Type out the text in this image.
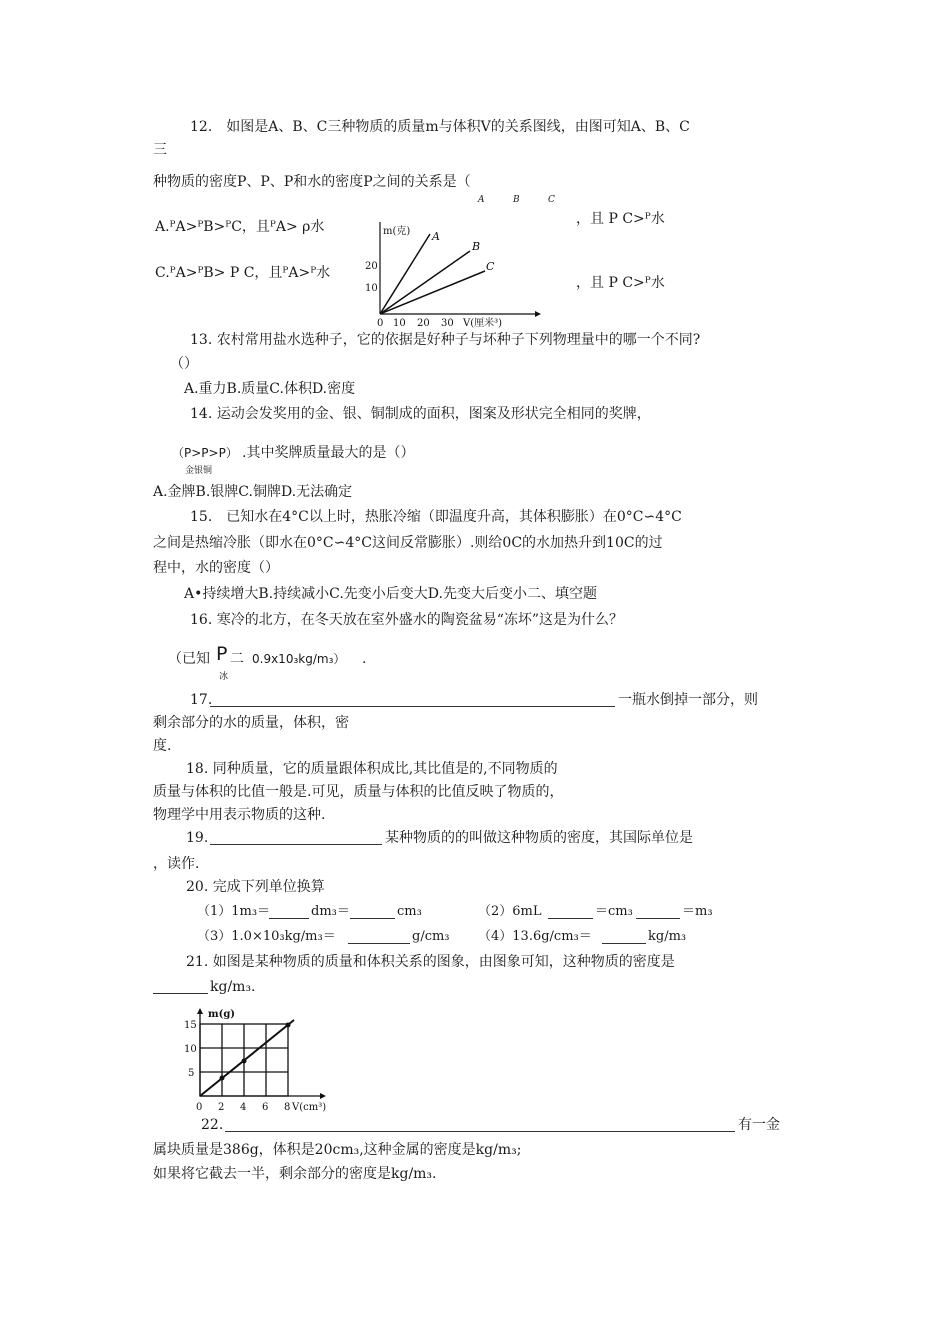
12.　如图是A、B、C三种物质的质量m与体积V的关系图线，由图可知A、B、C
三
种物质的密度P、P、P和水的密度P之间的关系是（
A	B	C
A.ᴾA>ᴾB>ᴾC，且ᴾA> ρ水	，且 P C>ᴾ水
C.ᴾA>ᴾB> P C，且ᴾA>ᴾ水
，且 P C>ᴾ水
m(克) A
B
C
20
10
0 10 20 30 V(厘米³)
13. 农村常用盐水选种子，它的依据是好种子与坏种子下列物理量中的哪一个不同?
（）
A.重力B.质量C.体积D.密度
14. 运动会发奖用的金、银、铜制成的面积，图案及形状完全相同的奖牌，
（P>P>P） .其中奖牌质量最大的是（）
金银铜
A.金牌B.银牌C.铜牌D.无法确定
15.　已知水在4°C以上时，热胀冷缩（即温度升高，其体积膨胀）在0°C∽4°C
之间是热缩冷胀（即水在0°C∽4°C这间反常膨胀）.则给0C的水加热升到10C的过
程中，水的密度（）
A•持续增大B.持续减小C.先变小后变大D.先变大后变小二、填空题
16. 寒冷的北方，在冬天放在室外盛水的陶瓷盆易“冻坏”这是为什么？
（已知 P 二 0.9x10₃kg/m₃） .
冰
17.	一瓶水倒掉一部分，则
剩余部分的水的质量，体积，密
度.
18. 同种质量，它的质量跟体积成比,其比值是的,不同物质的
质量与体积的比值一般是.可见，质量与体积的比值反映了物质的，
物理学中用表示物质的这种.
19.	某种物质的的叫做这种物质的密度，其国际单位是
，读作.
20. 完成下列单位换算
（1）1m₃＝	dm₃＝	cm₃	（2）6mL	＝cm₃	＝m₃
（3）1.0×10₃kg/m₃＝	g/cm₃ （4）13.6g/cm₃＝	kg/m₃
21. 如图是某种物质的质量和体积关系的图象，由图象可知，这种物质的密度是
kg/m₃.
m(g)
15
10
5
0 2 4 6 8 V(cm³)
22.	有一金
属块质量是386g，体积是20cm₃,这种金属的密度是kg/m₃;
如果将它截去一半，剩余部分的密度是kg/m₃.
